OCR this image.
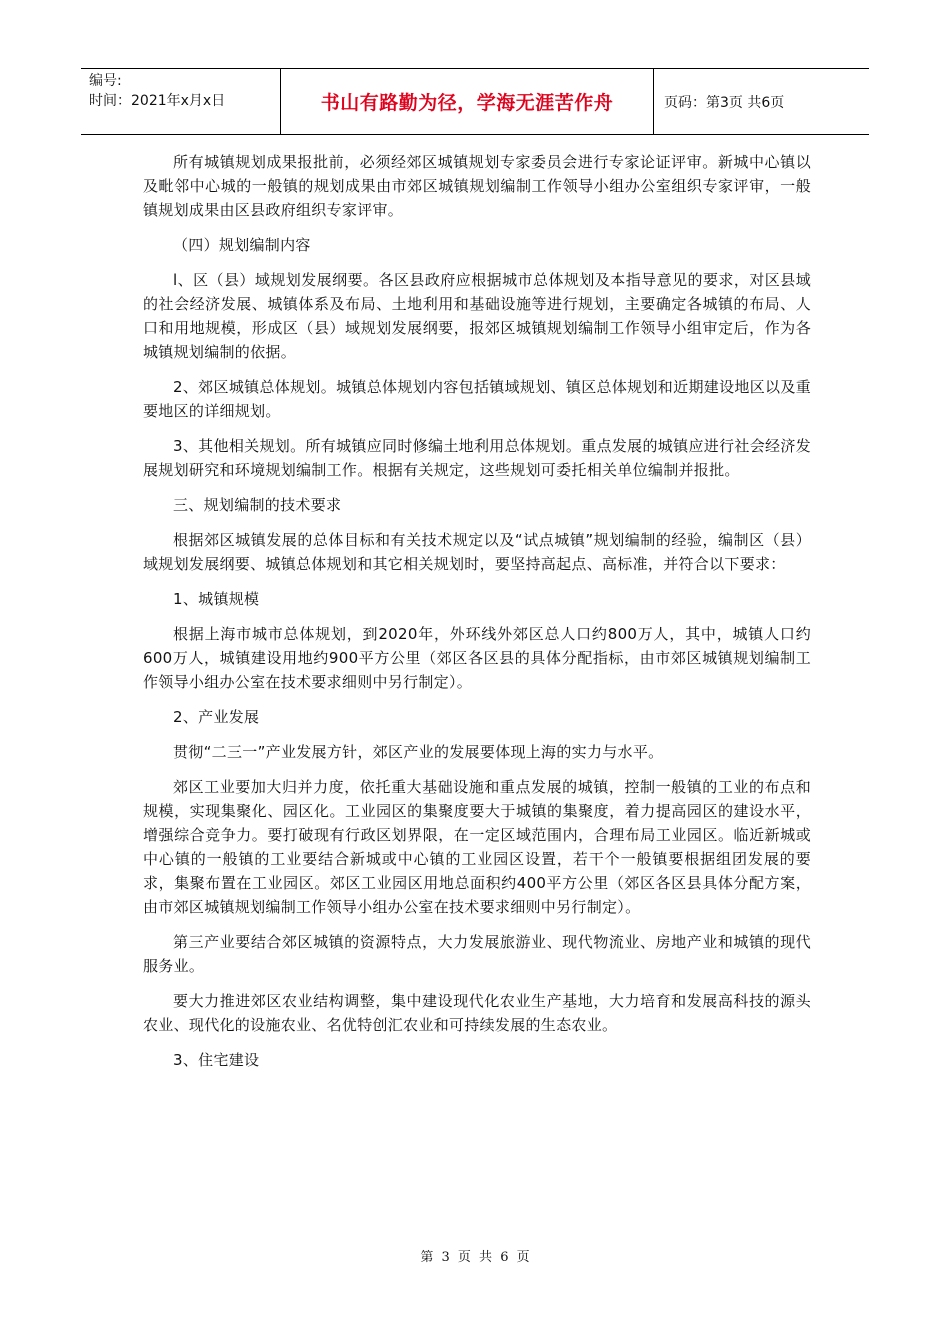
编号:
时间：2021年x月x日	书山有路勤为径，学海无涯苦作舟	页码：第3页 共6页

所有城镇规划成果报批前，必须经郊区城镇规划专家委员会进行专家论证评审。新城中心镇以及毗邻中心城的一般镇的规划成果由市郊区城镇规划编制工作领导小组办公室组织专家评审，一般镇规划成果由区县政府组织专家评审。

（四）规划编制内容

l、区（县）域规划发展纲要。各区县政府应根据城市总体规划及本指导意见的要求，对区县域的社会经济发展、城镇体系及布局、土地利用和基础设施等进行规划，主要确定各城镇的布局、人口和用地规模，形成区（县）域规划发展纲要，报郊区城镇规划编制工作领导小组审定后，作为各城镇规划编制的依据。

2、郊区城镇总体规划。城镇总体规划内容包括镇域规划、镇区总体规划和近期建设地区以及重要地区的详细规划。

3、其他相关规划。所有城镇应同时修编土地利用总体规划。重点发展的城镇应进行社会经济发展规划研究和环境规划编制工作。根据有关规定，这些规划可委托相关单位编制并报批。

三、规划编制的技术要求

根据郊区城镇发展的总体目标和有关技术规定以及“试点城镇”规划编制的经验，编制区（县）域规划发展纲要、城镇总体规划和其它相关规划时，要坚持高起点、高标准，并符合以下要求：

1、城镇规模

根据上海市城市总体规划，到2020年，外环线外郊区总人口约800万人，其中，城镇人口约600万人，城镇建设用地约900平方公里（郊区各区县的具体分配指标，由市郊区城镇规划编制工作领导小组办公室在技术要求细则中另行制定）。

2、产业发展

贯彻“二三一”产业发展方针，郊区产业的发展要体现上海的实力与水平。

郊区工业要加大归并力度，依托重大基础设施和重点发展的城镇，控制一般镇的工业的布点和规模，实现集聚化、园区化。工业园区的集聚度要大于城镇的集聚度，着力提高园区的建设水平，增强综合竞争力。要打破现有行政区划界限，在一定区域范围内，合理布局工业园区。临近新城或中心镇的一般镇的工业要结合新城或中心镇的工业园区设置，若干个一般镇要根据组团发展的要求，集聚布置在工业园区。郊区工业园区用地总面积约400平方公里（郊区各区县具体分配方案，由市郊区城镇规划编制工作领导小组办公室在技术要求细则中另行制定）。

第三产业要结合郊区城镇的资源特点，大力发展旅游业、现代物流业、房地产业和城镇的现代服务业。

要大力推进郊区农业结构调整，集中建设现代化农业生产基地，大力培育和发展高科技的源头农业、现代化的设施农业、名优特创汇农业和可持续发展的生态农业。

3、住宅建设

第 3 页 共 6 页
